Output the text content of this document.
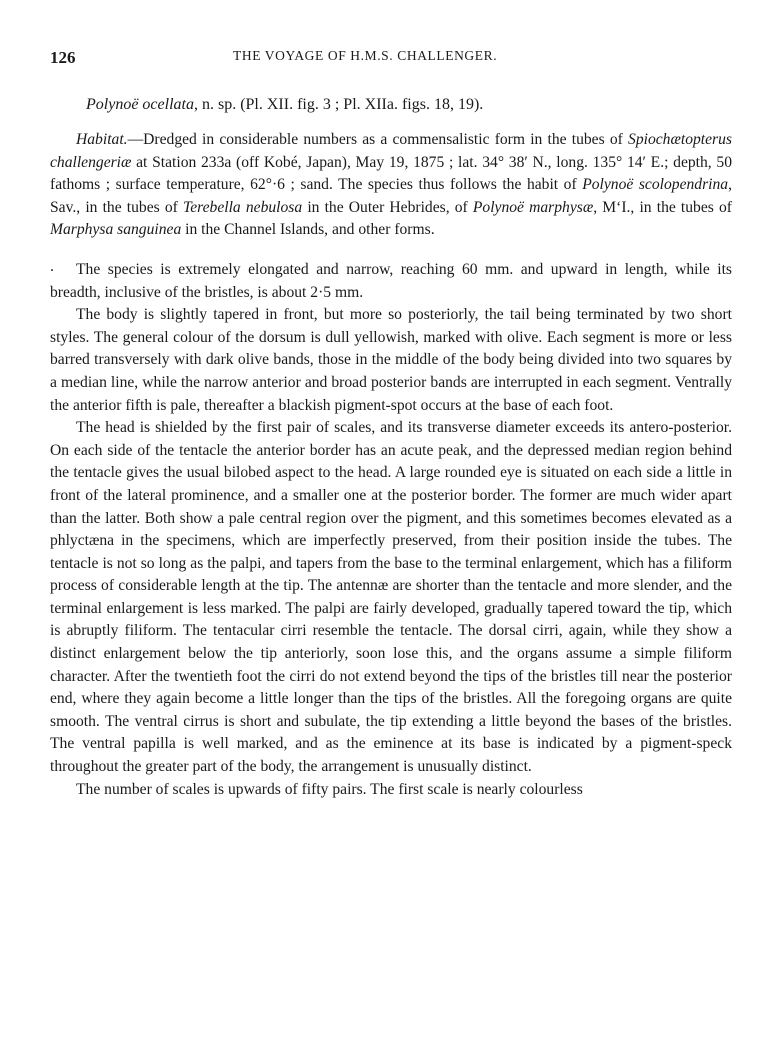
126	THE VOYAGE OF H.M.S. CHALLENGER.
Polynoë ocellata, n. sp. (Pl. XII. fig. 3 ; Pl. XIIa. figs. 18, 19).

Habitat.—Dredged in considerable numbers as a commensalistic form in the tubes of Spiochætopterus challengeriæ at Station 233a (off Kobé, Japan), May 19, 1875 ; lat. 34° 38′ N., long. 135° 14′ E.; depth, 50 fathoms ; surface temperature, 62°·6 ; sand. The species thus follows the habit of Polynoë scolopendrina, Sav., in the tubes of Terebella nebulosa in the Outer Hebrides, of Polynoë marphysæ, M‘I., in the tubes of Marphysa sanguinea in the Channel Islands, and other forms.

.	The species is extremely elongated and narrow, reaching 60 mm. and upward in length, while its breadth, inclusive of the bristles, is about 2·5 mm.

The body is slightly tapered in front, but more so posteriorly, the tail being terminated by two short styles. The general colour of the dorsum is dull yellowish, marked with olive. Each segment is more or less barred transversely with dark olive bands, those in the middle of the body being divided into two squares by a median line, while the narrow anterior and broad posterior bands are interrupted in each segment. Ventrally the anterior fifth is pale, thereafter a blackish pigment-spot occurs at the base of each foot.

The head is shielded by the first pair of scales, and its transverse diameter exceeds its antero-posterior. On each side of the tentacle the anterior border has an acute peak, and the depressed median region behind the tentacle gives the usual bilobed aspect to the head. A large rounded eye is situated on each side a little in front of the lateral prominence, and a smaller one at the posterior border. The former are much wider apart than the latter. Both show a pale central region over the pigment, and this sometimes becomes elevated as a phlyctæna in the specimens, which are imperfectly preserved, from their position inside the tubes. The tentacle is not so long as the palpi, and tapers from the base to the terminal enlargement, which has a filiform process of considerable length at the tip. The antennæ are shorter than the tentacle and more slender, and the terminal enlargement is less marked. The palpi are fairly developed, gradually tapered toward the tip, which is abruptly filiform. The tentacular cirri resemble the tentacle. The dorsal cirri, again, while they show a distinct enlargement below the tip anteriorly, soon lose this, and the organs assume a simple filiform character. After the twentieth foot the cirri do not extend beyond the tips of the bristles till near the posterior end, where they again become a little longer than the tips of the bristles. All the foregoing organs are quite smooth. The ventral cirrus is short and subulate, the tip extending a little beyond the bases of the bristles. The ventral papilla is well marked, and as the eminence at its base is indicated by a pigment-speck throughout the greater part of the body, the arrangement is unusually distinct.

The number of scales is upwards of fifty pairs. The first scale is nearly colourless
